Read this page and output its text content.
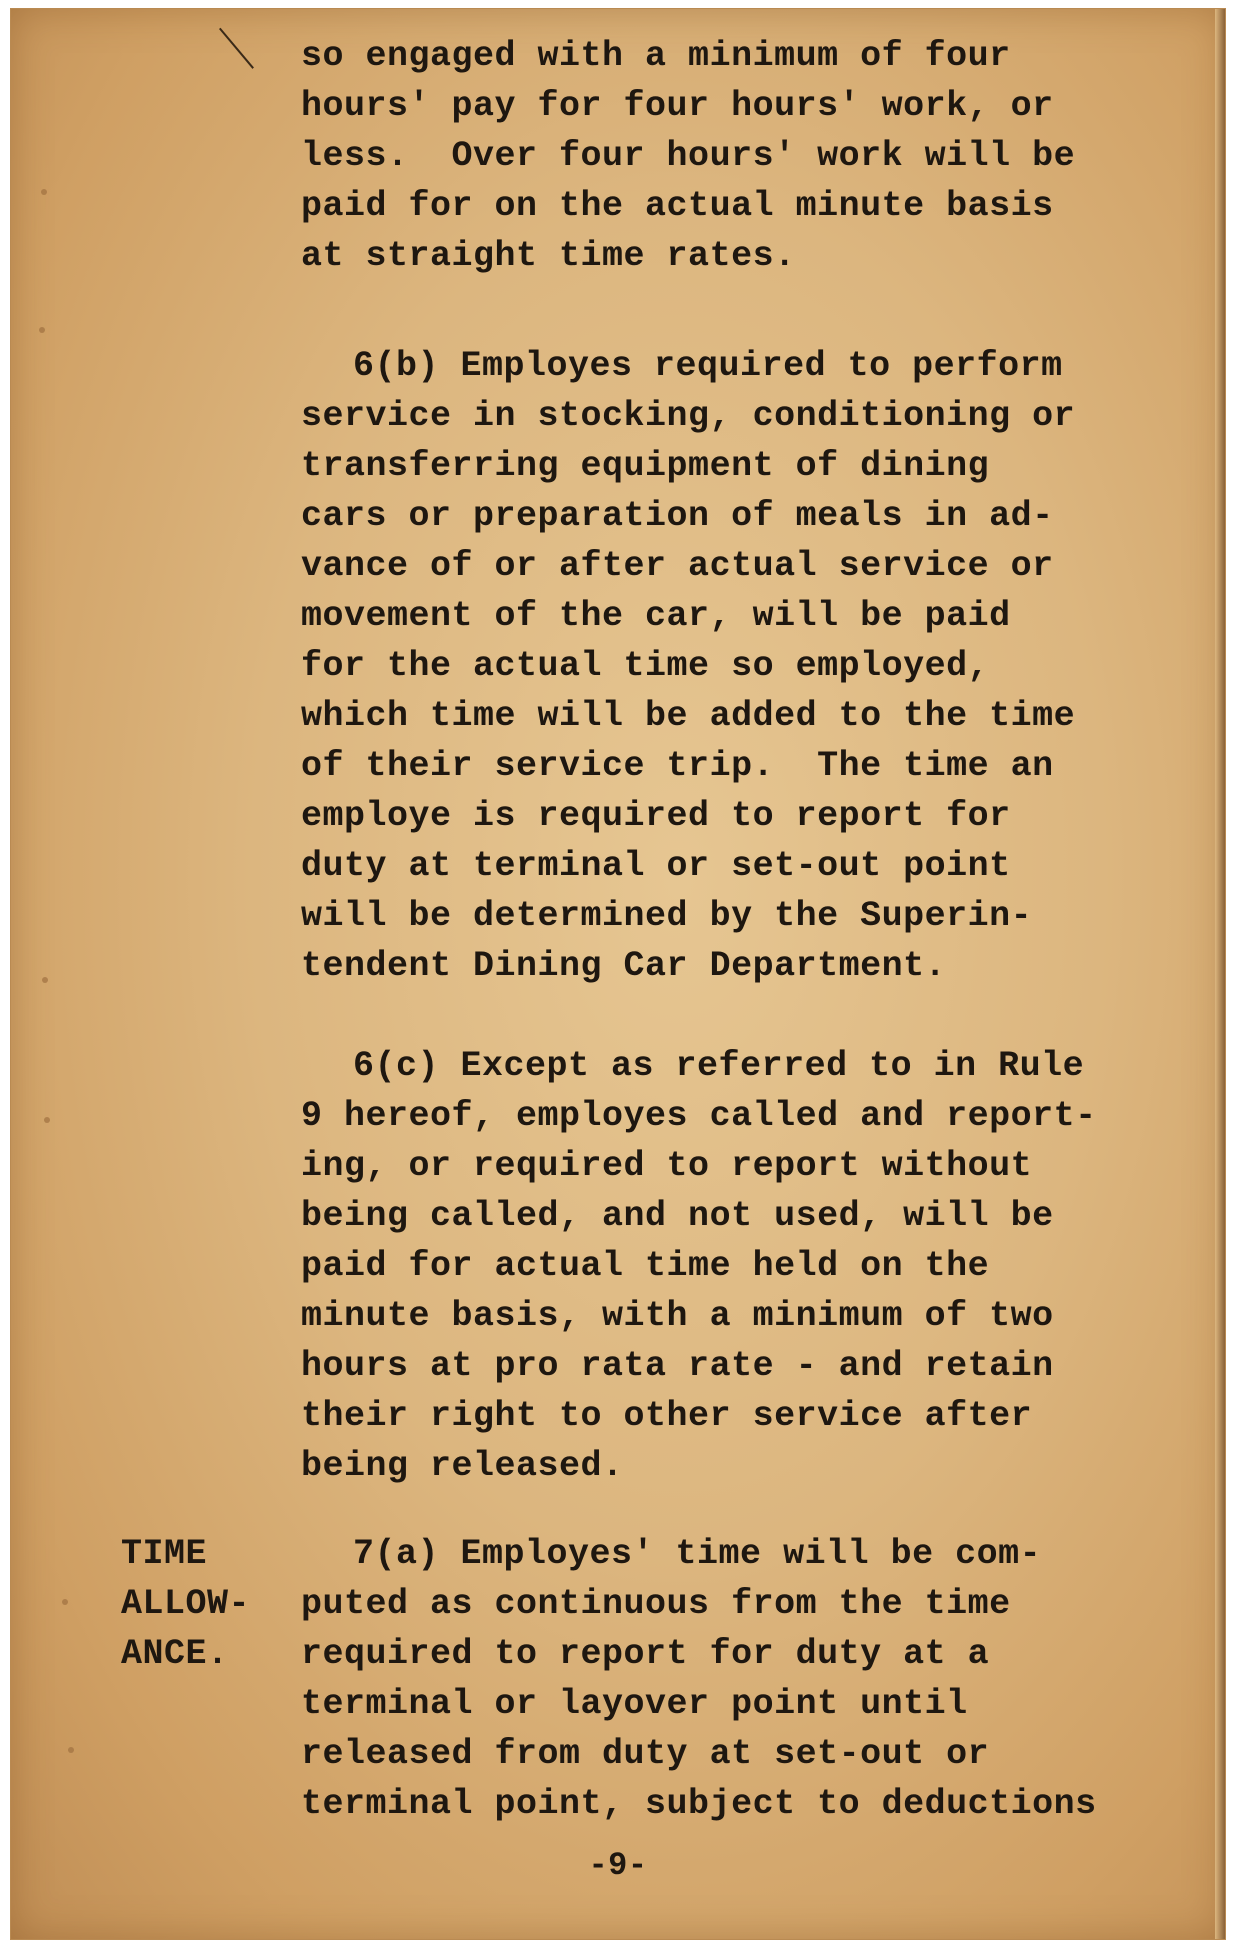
so engaged with a minimum of four
hours' pay for four hours' work, or
less.  Over four hours' work will be
paid for on the actual minute basis
at straight time rates.
6(b) Employes required to perform
service in stocking, conditioning or
transferring equipment of dining
cars or preparation of meals in ad-
vance of or after actual service or
movement of the car, will be paid
for the actual time so employed,
which time will be added to the time
of their service trip.  The time an
employe is required to report for
duty at terminal or set-out point
will be determined by the Superin-
tendent Dining Car Department.
6(c) Except as referred to in Rule
9 hereof, employes called and report-
ing, or required to report without
being called, and not used, will be
paid for actual time held on the
minute basis, with a minimum of two
hours at pro rata rate - and retain
their right to other service after
being released.
TIME
ALLOW-
ANCE.
7(a) Employes' time will be com-
puted as continuous from the time
required to report for duty at a
terminal or layover point until
released from duty at set-out or
terminal point, subject to deductions
-9-
